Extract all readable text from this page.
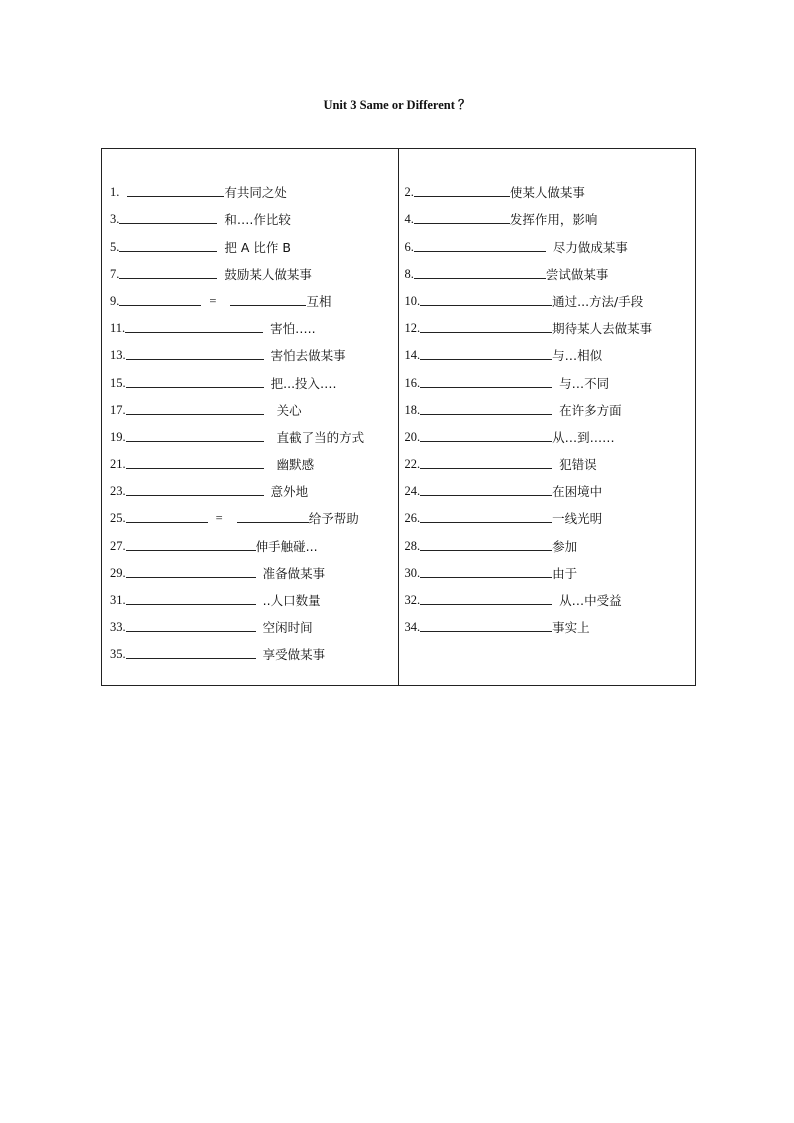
Unit 3 Same or Different ？
1.	有共同之处
3.	和….作比较
5.	把 A 比作 B
7.	鼓励某人做某事
9.	=	互相
11.	害怕…..
13.	害怕去做某事
15.	把...投入….
17.	关心
19.	直截了当的方式
21.	幽默感
23.	意外地
25.	=	给予帮助
27.	伸手触碰...
29.	准备做某事
31.	..人口数量
33.	空闲时间
35.	享受做某事
2.	使某人做某事
4.	发挥作用，影响
6.	尽力做成某事
8.	尝试做某事
10.	通过...方法/手段
12.	期待某人去做某事
14.	与…相似
16.	与…不同
18.	在许多方面
20.	从…到……
22.	犯错误
24.	在困境中
26.	一线光明
28.	参加
30.	由于
32.	从…中受益
34.	事实上
